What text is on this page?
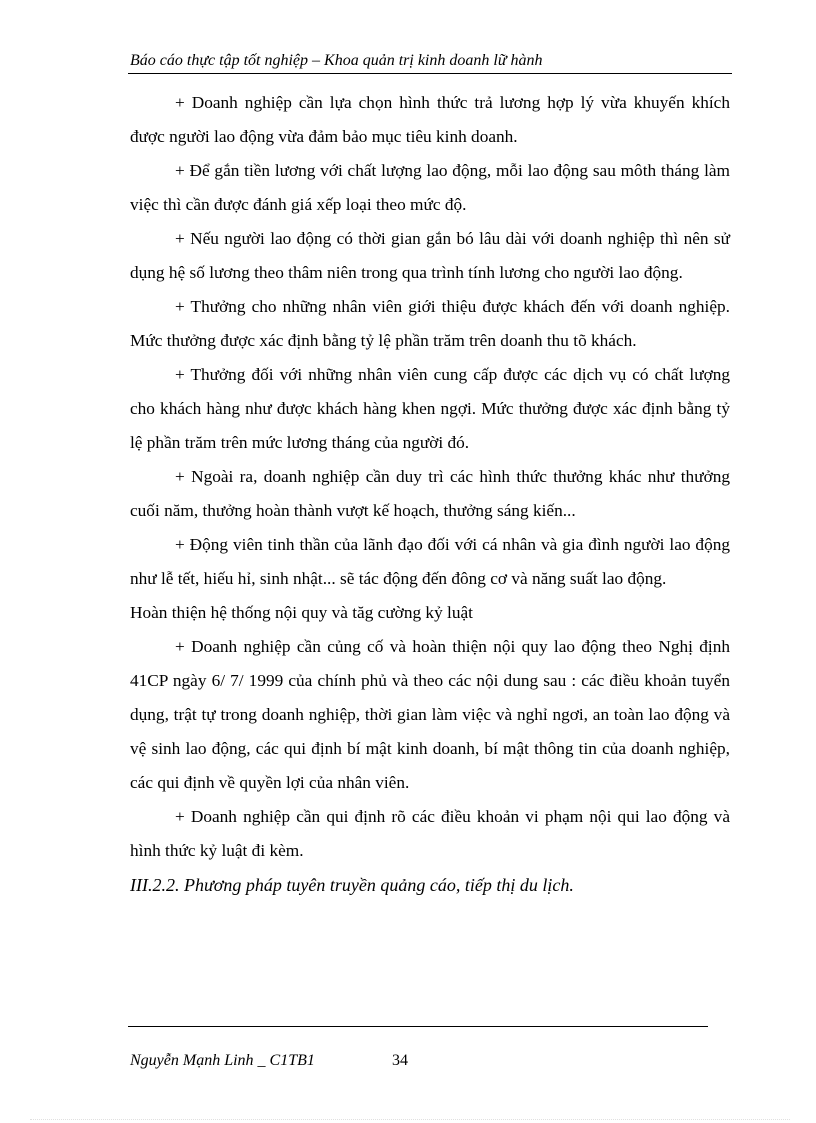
Báo cáo thực tập tốt nghiệp – Khoa quản trị kinh doanh lữ hành

+ Doanh nghiệp cần lựa chọn hình thức trả lương hợp lý vừa khuyến khích được người lao động vừa đảm bảo mục tiêu kinh doanh.

+ Để gắn tiền lương với chất lượng lao động, mỗi lao động sau môth tháng làm việc thì cần được đánh giá xếp loại theo mức độ.

+ Nếu người lao động có thời gian gắn bó lâu dài với doanh nghiệp thì nên sử dụng hệ số lương theo thâm niên trong qua trình tính lương cho người lao động.

+ Thưởng cho những nhân viên giới thiệu được khách đến với doanh nghiệp. Mức thưởng được xác định bằng tỷ lệ phần trăm trên doanh thu tõ khách.

+ Thưởng đối với những nhân viên cung cấp được các dịch vụ có chất lượng cho khách hàng như được khách hàng khen ngợi. Mức thưởng được xác định bằng tỷ lệ phần trăm trên mức lương tháng của người đó.

+ Ngoài ra, doanh nghiệp cần duy trì các hình thức thưởng khác như thưởng cuối năm, thưởng hoàn thành vượt kế hoạch, thưởng sáng kiến...

+ Động viên tinh thần của lãnh đạo đối với cá nhân và gia đình người lao động như lễ tết, hiếu hỉ, sinh nhật... sẽ tác động đến đông cơ và năng suất lao động.

Hoàn thiện hệ thống nội quy và tăg cường kỷ luật

+ Doanh nghiệp cần củng cố và hoàn thiện nội quy lao động theo Nghị định 41CP ngày 6/ 7/ 1999 của chính phủ và theo các nội dung sau : các điều khoản tuyển dụng, trật tự trong doanh nghiệp, thời gian làm việc và nghỉ ngơi, an toàn lao động và vệ sinh lao động, các qui định bí mật kinh doanh, bí mật thông tin của doanh nghiệp, các qui định về quyền lợi của nhân viên.

+ Doanh nghiệp cần qui định rõ các điều khoản vi phạm nội qui lao động và hình thức kỷ luật đi kèm.

III.2.2. Phương pháp tuyên truyền quảng cáo, tiếp thị du lịch.

Nguyễn Mạnh Linh _ C1TB1	34
